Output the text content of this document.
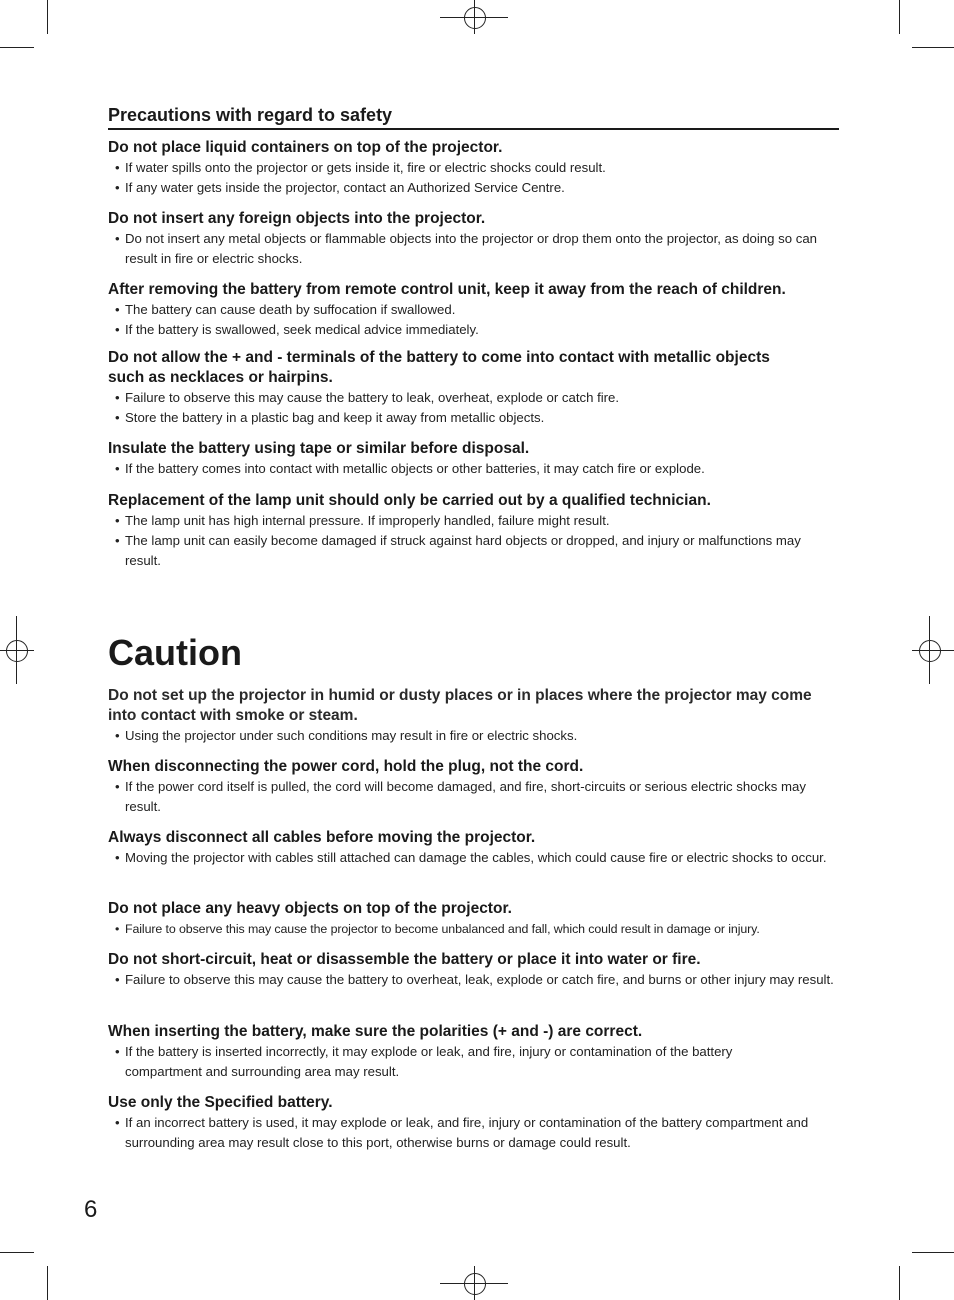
Precautions with regard to safety

Do not place liquid containers on top of the projector.

• If water spills onto the projector or gets inside it, fire or electric shocks could result.

• If any water gets inside the projector, contact an Authorized Service Centre.

Do not insert any foreign objects into the projector.

• Do not insert any metal objects or flammable objects into the projector or drop them onto the projector, as doing so can result in fire or electric shocks.

After removing the battery from remote control unit, keep it away from the reach of children.

• The battery can cause death by suffocation if swallowed.

• If the battery is swallowed, seek medical advice immediately.

Do not allow the + and - terminals of the battery to come into contact with metallic objects such as necklaces or hairpins.

• Failure to observe this may cause the battery to leak, overheat, explode or catch fire.

• Store the battery in a plastic bag and keep it away from metallic objects.

Insulate the battery using tape or similar before disposal.

• If the battery comes into contact with metallic objects or other batteries, it may catch fire or explode.

Replacement of the lamp unit should only be carried out by a qualified technician.

• The lamp unit has high internal pressure. If improperly handled, failure might result.

• The lamp unit can easily become damaged if struck against hard objects or dropped, and injury or malfunctions may result.

Caution

Do not set up the projector in humid or dusty places or in places where the projector may come into contact with smoke or steam.

• Using the projector under such conditions may result in fire or electric shocks.

When disconnecting the power cord, hold the plug, not the cord.

• If the power cord itself is pulled, the cord will become damaged, and fire, short-circuits or serious electric shocks may result.

Always disconnect all cables before moving the projector.

• Moving the projector with cables still attached can damage the cables, which could cause fire or electric shocks to occur.

Do not place any heavy objects on top of the projector.

• Failure to observe this may cause the projector to become unbalanced and fall, which could result in damage or injury.

Do not short-circuit, heat or disassemble the battery or place it into water or fire.

• Failure to observe this may cause the battery to overheat, leak, explode or catch fire, and burns or other injury may result.

When inserting the battery, make sure the polarities (+ and -) are correct.

• If the battery is inserted incorrectly, it may explode or leak, and fire, injury or contamination of the battery compartment and surrounding area may result.

Use only the Specified battery.

• If an incorrect battery is used, it may explode or leak, and fire, injury or contamination of the battery compartment and surrounding area may result close to this port, otherwise burns or damage could result.

6
